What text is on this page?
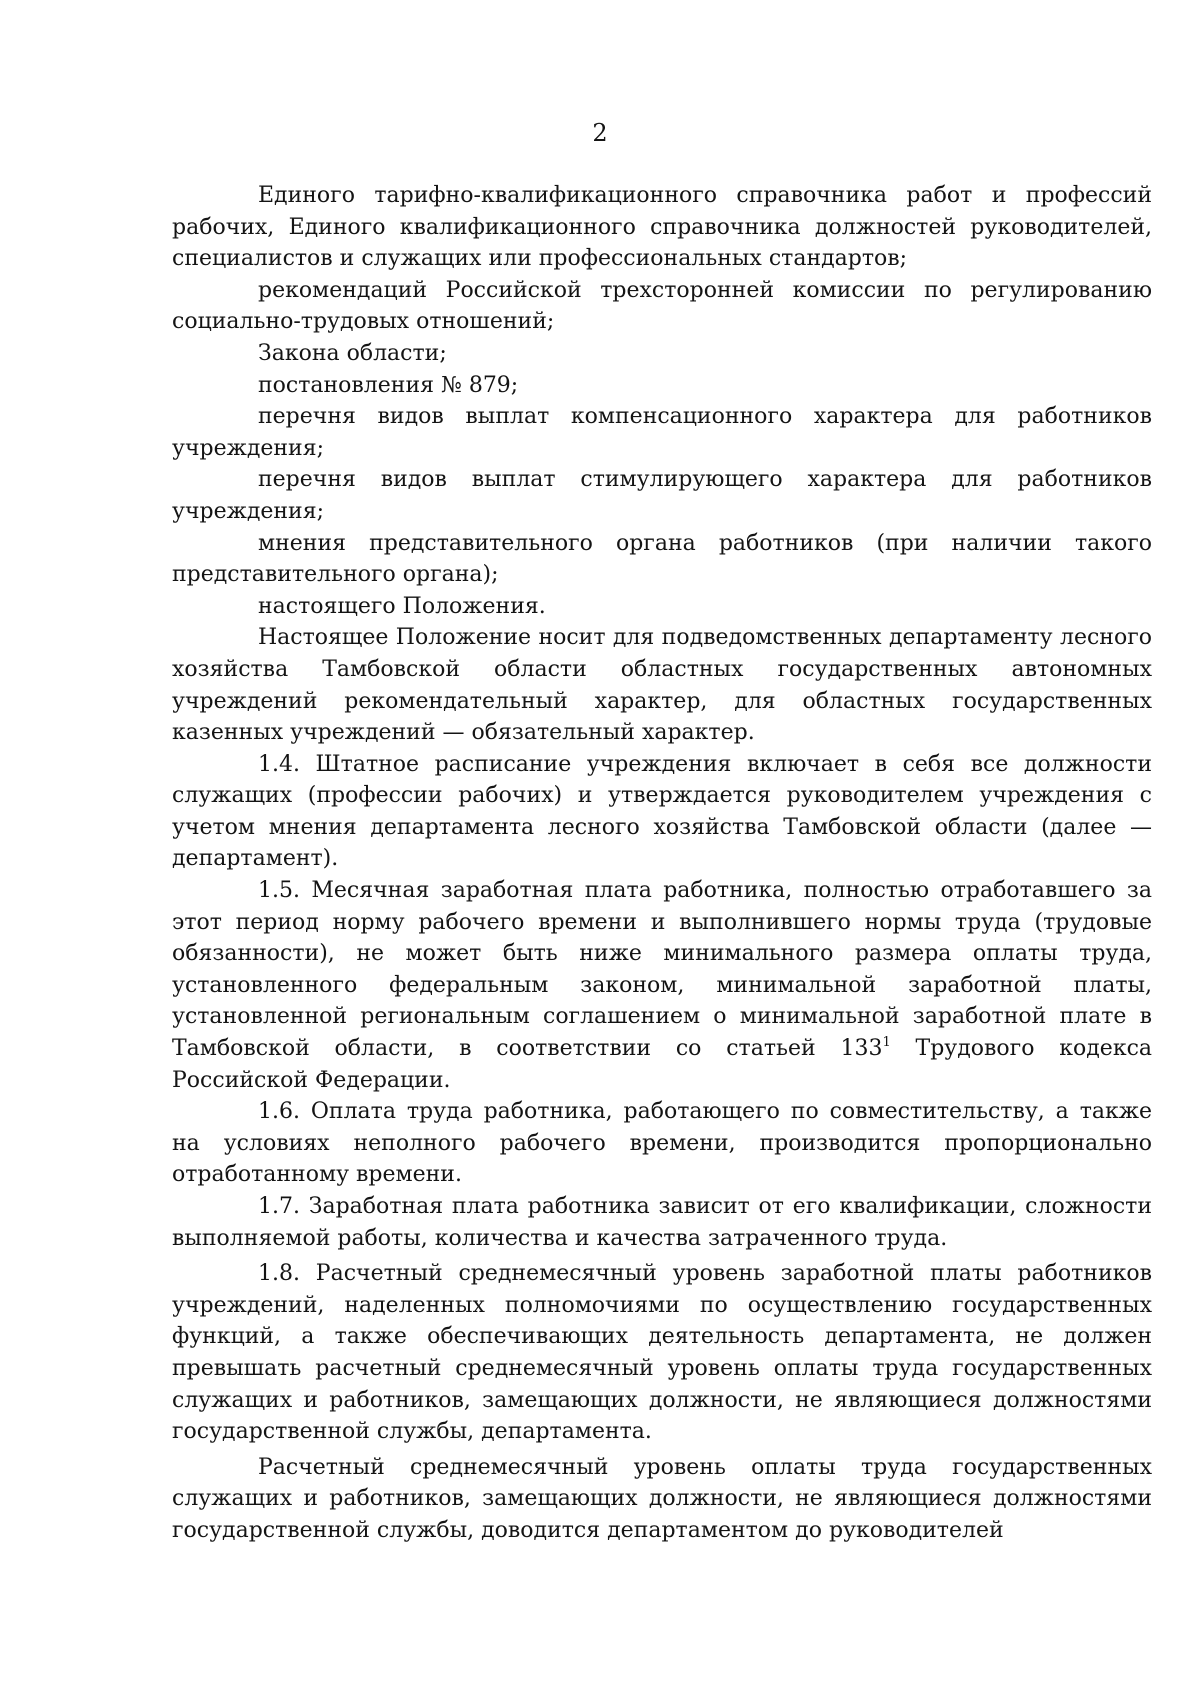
2

Единого тарифно-квалификационного справочника работ и профессий рабочих, Единого квалификационного справочника должностей руководителей, специалистов и служащих или профессиональных стандартов;

рекомендаций Российской трехсторонней комиссии по регулированию социально-трудовых отношений;

Закона области;

постановления № 879;

перечня видов выплат компенсационного характера для работников учреждения;

перечня видов выплат стимулирующего характера для работников учреждения;

мнения представительного органа работников (при наличии такого представительного органа);

настоящего Положения.

Настоящее Положение носит для подведомственных департаменту лесного хозяйства Тамбовской области областных государственных автономных учреждений рекомендательный характер, для областных государственных казенных учреждений — обязательный характер.

1.4. Штатное расписание учреждения включает в себя все должности служащих (профессии рабочих) и утверждается руководителем учреждения с учетом мнения департамента лесного хозяйства Тамбовской области (далее — департамент).

1.5. Месячная заработная плата работника, полностью отработавшего за этот период норму рабочего времени и выполнившего нормы труда (трудовые обязанности), не может быть ниже минимального размера оплаты труда, установленного федеральным законом, минимальной заработной платы, установленной региональным соглашением о минимальной заработной плате в Тамбовской области, в соответствии со статьей $133^1$ Трудового кодекса Российской Федерации.

1.6. Оплата труда работника, работающего по совместительству, а также на условиях неполного рабочего времени, производится пропорционально отработанному времени.

1.7. Заработная плата работника зависит от его квалификации, сложности выполняемой работы, количества и качества затраченного труда.

1.8. Расчетный среднемесячный уровень заработной платы работников учреждений, наделенных полномочиями по осуществлению государственных функций, а также обеспечивающих деятельность департамента, не должен превышать расчетный среднемесячный уровень оплаты труда государственных служащих и работников, замещающих должности, не являющиеся должностями государственной службы, департамента.

Расчетный среднемесячный уровень оплаты труда государственных служащих и работников, замещающих должности, не являющиеся должностями государственной службы, доводится департаментом до руководителей
